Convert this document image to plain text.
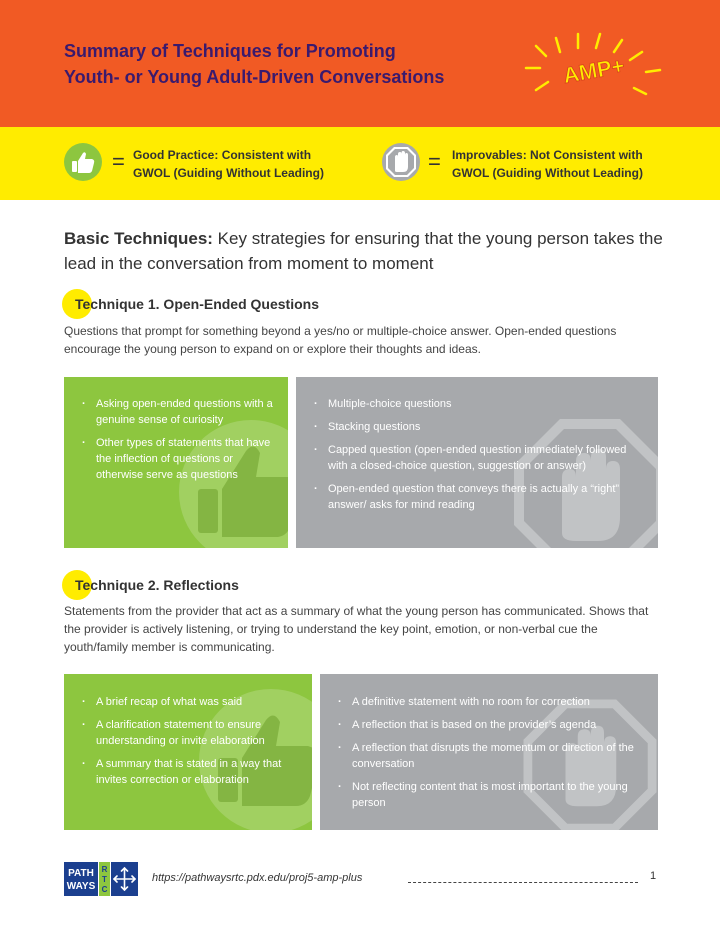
Summary of Techniques for Promoting
Youth- or Young Adult-Driven Conversations	AMP+
= Good Practice: Consistent with
GWOL (Guiding Without Leading)	= Improvables: Not Consistent with
GWOL (Guiding Without Leading)
Basic Techniques: Key strategies for ensuring that the young person takes the lead in the conversation from moment to moment
Technique 1. Open-Ended Questions
Questions that prompt for something beyond a yes/no or multiple-choice answer. Open-ended questions encourage the young person to expand on or explore their thoughts and ideas.
· Asking open-ended questions with a genuine sense of curiosity
· Other types of statements that have the inflection of questions or otherwise serve as questions
· Multiple-choice questions
· Stacking questions
· Capped question (open-ended question immediately followed with a closed-choice question, suggestion or answer)
· Open-ended question that conveys there is actually a “right” answer/ asks for mind reading
Technique 2. Reflections
Statements from the provider that act as a summary of what the young person has communicated. Shows that the provider is actively listening, or trying to understand the key point, emotion, or non-verbal cue the youth/family member is communicating.
· A brief recap of what was said
· A clarification statement to ensure understanding or invite elaboration
· A summary that is stated in a way that invites correction or elaboration
· A definitive statement with no room for correction
· A reflection that is based on the provider’s agenda
· A reflection that disrupts the momentum or direction of the conversation
· Not reflecting content that is most important to the young person
PATH
WAYS
R
T
C
https://pathwaysrtc.pdx.edu/proj5-amp-plus	1
